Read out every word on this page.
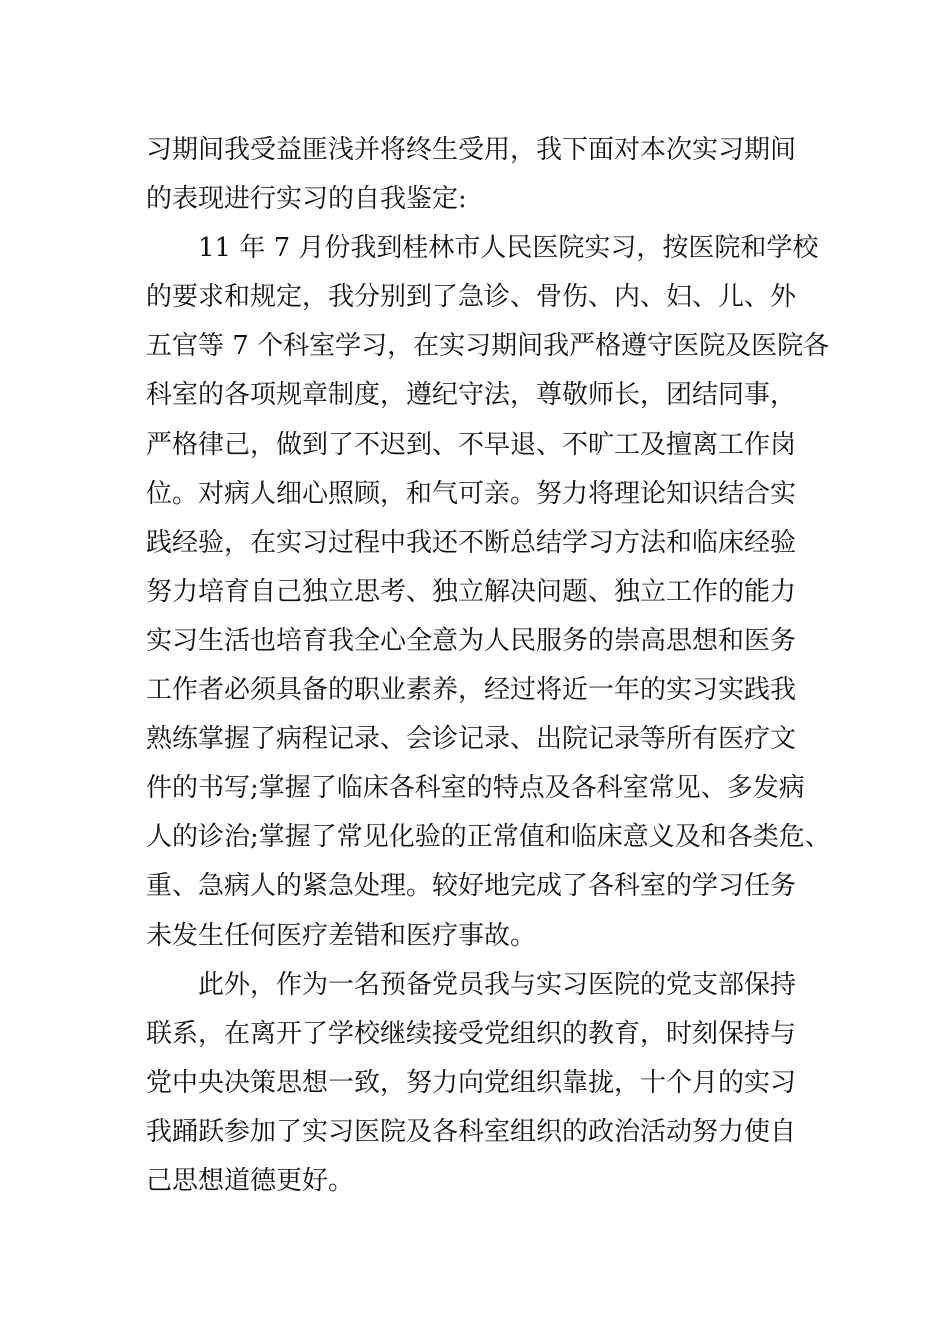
习期间我受益匪浅并将终生受用，我下面对本次实习期间
的表现进行实习的自我鉴定:
11 年 7 月份我到桂林市人民医院实习，按医院和学校
的要求和规定，我分别到了急诊、骨伤、内、妇、儿、外
五官等 7 个科室学习，在实习期间我严格遵守医院及医院各
科室的各项规章制度，遵纪守法，尊敬师长，团结同事，
严格律己，做到了不迟到、不早退、不旷工及擅离工作岗
位。对病人细心照顾，和气可亲。努力将理论知识结合实
践经验，在实习过程中我还不断总结学习方法和临床经验
努力培育自己独立思考、独立解决问题、独立工作的能力
实习生活也培育我全心全意为人民服务的崇高思想和医务
工作者必须具备的职业素养，经过将近一年的实习实践我
熟练掌握了病程记录、会诊记录、出院记录等所有医疗文
件的书写;掌握了临床各科室的特点及各科室常见、多发病
人的诊治;掌握了常见化验的正常值和临床意义及和各类危、
重、急病人的紧急处理。较好地完成了各科室的学习任务
未发生任何医疗差错和医疗事故。
此外，作为一名预备党员我与实习医院的党支部保持
联系，在离开了学校继续接受党组织的教育，时刻保持与
党中央决策思想一致，努力向党组织靠拢，十个月的实习
我踊跃参加了实习医院及各科室组织的政治活动努力使自
己思想道德更好。
